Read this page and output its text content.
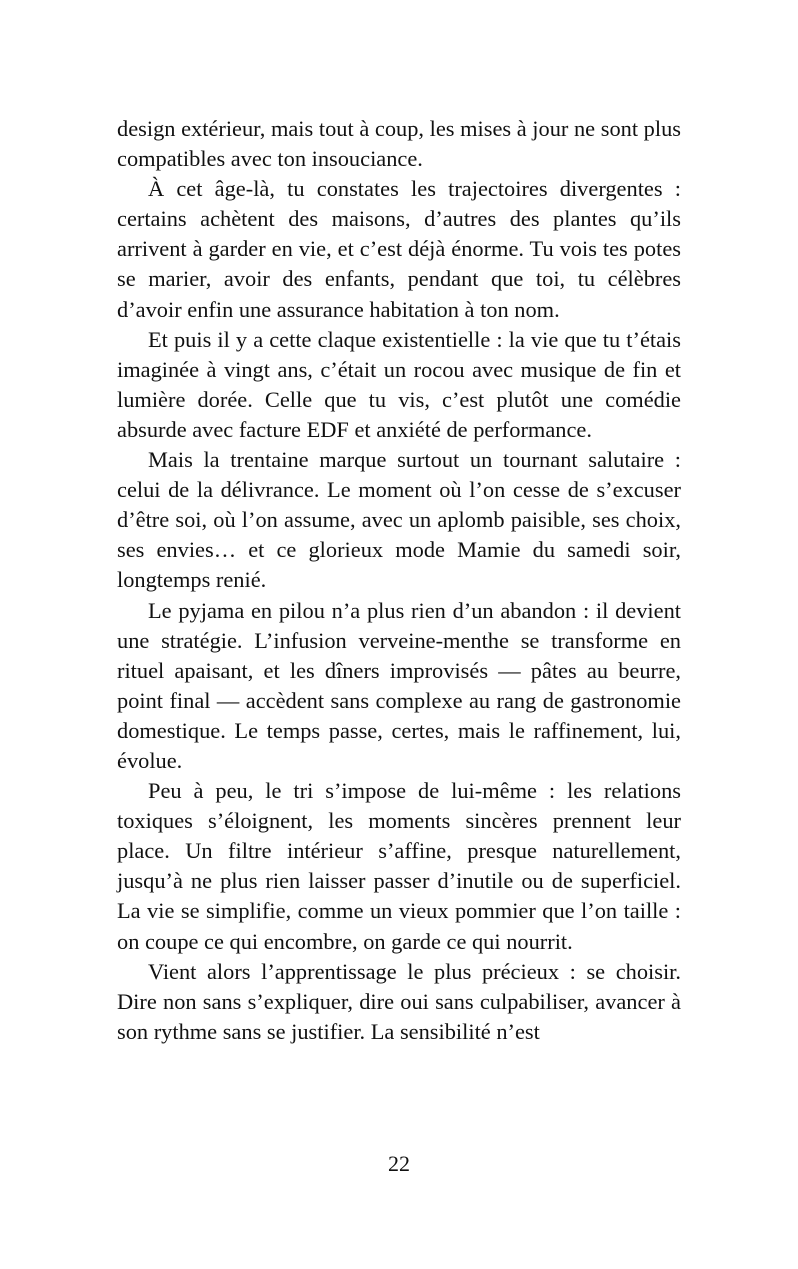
design extérieur, mais tout à coup, les mises à jour ne sont plus compatibles avec ton insouciance.

À cet âge-là, tu constates les trajectoires divergentes : certains achètent des maisons, d’autres des plantes qu’ils arrivent à garder en vie, et c’est déjà énorme. Tu vois tes potes se marier, avoir des enfants, pendant que toi, tu célèbres d’avoir enfin une assurance habitation à ton nom.

Et puis il y a cette claque existentielle : la vie que tu t’étais imaginée à vingt ans, c’était un rocou avec musique de fin et lumière dorée. Celle que tu vis, c’est plutôt une comédie absurde avec facture EDF et anxiété de performance.

Mais la trentaine marque surtout un tournant salutaire : celui de la délivrance. Le moment où l’on cesse de s’excuser d’être soi, où l’on assume, avec un aplomb paisible, ses choix, ses envies… et ce glorieux mode Mamie du samedi soir, longtemps renié.

Le pyjama en pilou n’a plus rien d’un abandon : il devient une stratégie. L’infusion verveine-menthe se transforme en rituel apaisant, et les dîners improvisés — pâtes au beurre, point final — accèdent sans complexe au rang de gastronomie domestique. Le temps passe, certes, mais le raffinement, lui, évolue.

Peu à peu, le tri s’impose de lui-même : les relations toxiques s’éloignent, les moments sincères prennent leur place. Un filtre intérieur s’affine, presque naturellement, jusqu’à ne plus rien laisser passer d’inutile ou de superficiel. La vie se simplifie, comme un vieux pommier que l’on taille : on coupe ce qui encombre, on garde ce qui nourrit.

Vient alors l’apprentissage le plus précieux : se choisir. Dire non sans s’expliquer, dire oui sans culpabiliser, avancer à son rythme sans se justifier. La sensibilité n’est

22
